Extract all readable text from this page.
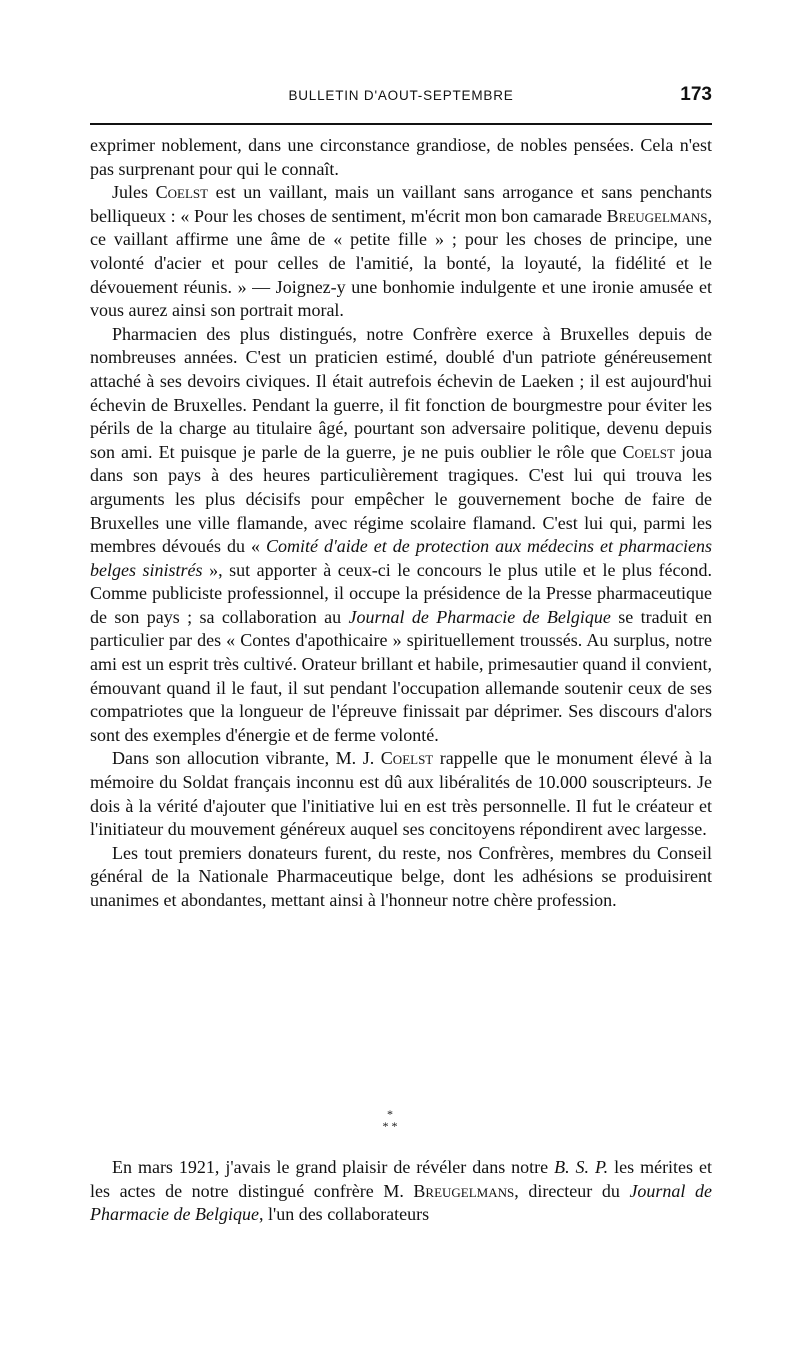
BULLETIN D'AOUT-SEPTEMBRE	173

exprimer noblement, dans une circonstance grandiose, de nobles pensées. Cela n'est pas surprenant pour qui le connaît.

Jules Coelst est un vaillant, mais un vaillant sans arrogance et sans penchants belliqueux : « Pour les choses de sentiment, m'écrit mon bon camarade Breugelmans, ce vaillant affirme une âme de « petite fille » ; pour les choses de principe, une volonté d'acier et pour celles de l'amitié, la bonté, la loyauté, la fidélité et le dévouement réunis. » — Joignez-y une bonhomie indulgente et une ironie amusée et vous aurez ainsi son portrait moral.

Pharmacien des plus distingués, notre Confrère exerce à Bruxelles depuis de nombreuses années. C'est un praticien estimé, doublé d'un patriote généreusement attaché à ses devoirs civiques. Il était autrefois échevin de Laeken ; il est aujourd'hui échevin de Bruxelles. Pendant la guerre, il fit fonction de bourgmestre pour éviter les périls de la charge au titulaire âgé, pourtant son adversaire politique, devenu depuis son ami. Et puisque je parle de la guerre, je ne puis oublier le rôle que Coelst joua dans son pays à des heures particulièrement tragiques. C'est lui qui trouva les arguments les plus décisifs pour empêcher le gouvernement boche de faire de Bruxelles une ville flamande, avec régime scolaire flamand. C'est lui qui, parmi les membres dévoués du « Comité d'aide et de protection aux médecins et pharmaciens belges sinistrés », sut apporter à ceux-ci le concours le plus utile et le plus fécond. Comme publiciste professionnel, il occupe la présidence de la Presse pharmaceutique de son pays ; sa collaboration au Journal de Pharmacie de Belgique se traduit en particulier par des « Contes d'apothicaire » spirituellement troussés. Au surplus, notre ami est un esprit très cultivé. Orateur brillant et habile, primesautier quand il convient, émouvant quand il le faut, il sut pendant l'occupation allemande soutenir ceux de ses compatriotes que la longueur de l'épreuve finissait par déprimer. Ses discours d'alors sont des exemples d'énergie et de ferme volonté.

Dans son allocution vibrante, M. J. Coelst rappelle que le monument élevé à la mémoire du Soldat français inconnu est dû aux libéralités de 10.000 souscripteurs. Je dois à la vérité d'ajouter que l'initiative lui en est très personnelle. Il fut le créateur et l'initiateur du mouvement généreux auquel ses concitoyens répondirent avec largesse.

Les tout premiers donateurs furent, du reste, nos Confrères, membres du Conseil général de la Nationale Pharmaceutique belge, dont les adhésions se produisirent unanimes et abondantes, mettant ainsi à l'honneur notre chère profession.

*
* *

En mars 1921, j'avais le grand plaisir de révéler dans notre B. S. P. les mérites et les actes de notre distingué confrère M. Breugelmans, directeur du Journal de Pharmacie de Belgique, l'un des collaborateurs
